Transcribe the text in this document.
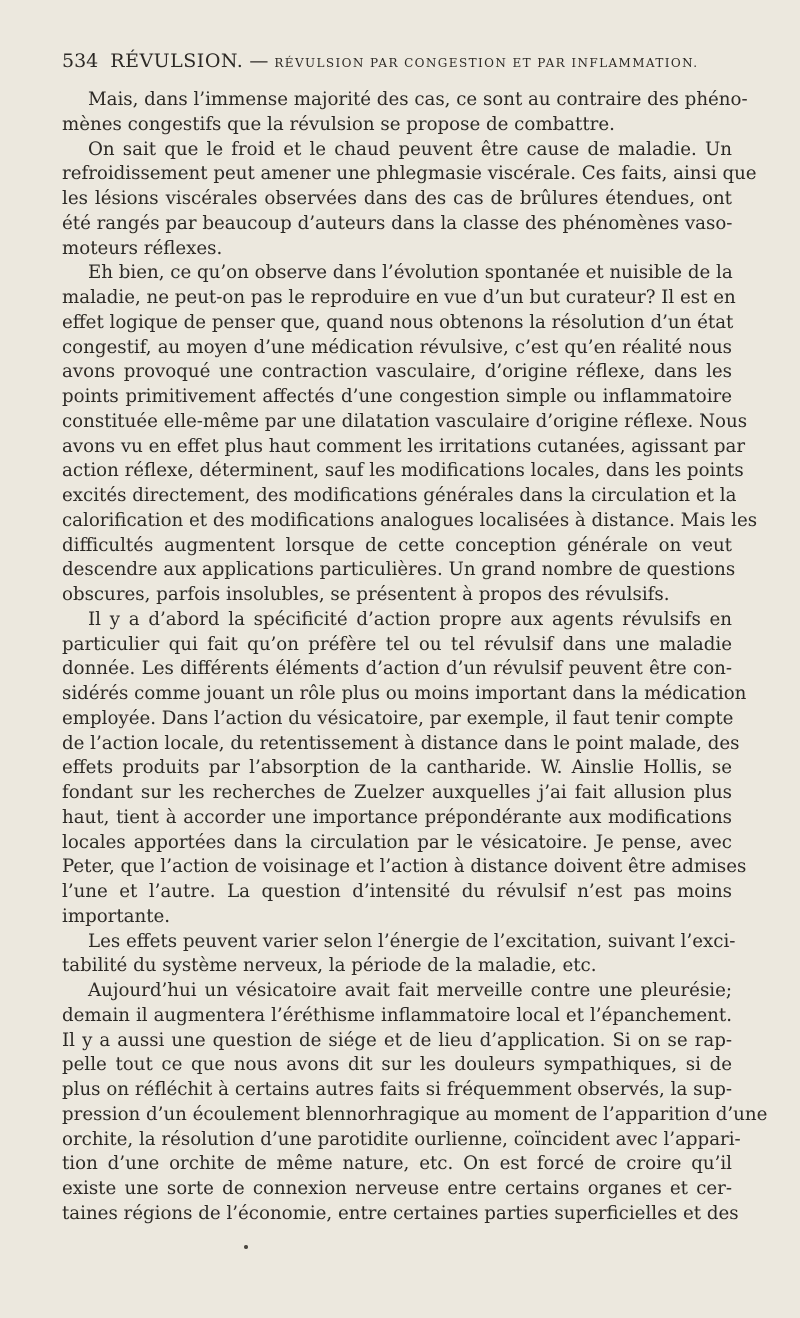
534 RÉVULSION. — RÉVULSION PAR CONGESTION ET PAR INFLAMMATION.

Mais, dans l’immense majorité des cas, ce sont au contraire des phéno-
mènes congestifs que la révulsion se propose de combattre.

On sait que le froid et le chaud peuvent être cause de maladie. Un
refroidissement peut amener une phlegmasie viscérale. Ces faits, ainsi que
les lésions viscérales observées dans des cas de brûlures étendues, ont
été rangés par beaucoup d’auteurs dans la classe des phénomènes vaso-
moteurs réflexes.

Eh bien, ce qu’on observe dans l’évolution spontanée et nuisible de la
maladie, ne peut-on pas le reproduire en vue d’un but curateur? Il est en
effet logique de penser que, quand nous obtenons la résolution d’un état
congestif, au moyen d’une médication révulsive, c’est qu’en réalité nous
avons provoqué une contraction vasculaire, d’origine réflexe, dans les
points primitivement affectés d’une congestion simple ou inflammatoire
constituée elle-même par une dilatation vasculaire d’origine réflexe. Nous
avons vu en effet plus haut comment les irritations cutanées, agissant par
action réflexe, déterminent, sauf les modifications locales, dans les points
excités directement, des modifications générales dans la circulation et la
calorification et des modifications analogues localisées à distance. Mais les
difficultés augmentent lorsque de cette conception générale on veut
descendre aux applications particulières. Un grand nombre de questions
obscures, parfois insolubles, se présentent à propos des révulsifs.

Il y a d’abord la spécificité d’action propre aux agents révulsifs en
particulier qui fait qu’on préfère tel ou tel révulsif dans une maladie
donnée. Les différents éléments d’action d’un révulsif peuvent être con-
sidérés comme jouant un rôle plus ou moins important dans la médication
employée. Dans l’action du vésicatoire, par exemple, il faut tenir compte
de l’action locale, du retentissement à distance dans le point malade, des
effets produits par l’absorption de la cantharide. W. Ainslie Hollis, se
fondant sur les recherches de Zuelzer auxquelles j’ai fait allusion plus
haut, tient à accorder une importance prépondérante aux modifications
locales apportées dans la circulation par le vésicatoire. Je pense, avec
Peter, que l’action de voisinage et l’action à distance doivent être admises
l’une et l’autre. La question d’intensité du révulsif n’est pas moins
importante.

Les effets peuvent varier selon l’énergie de l’excitation, suivant l’exci-
tabilité du système nerveux, la période de la maladie, etc.

Aujourd’hui un vésicatoire avait fait merveille contre une pleurésie;
demain il augmentera l’éréthisme inflammatoire local et l’épanchement.
Il y a aussi une question de siége et de lieu d’application. Si on se rap-
pelle tout ce que nous avons dit sur les douleurs sympathiques, si de
plus on réfléchit à certains autres faits si fréquemment observés, la sup-
pression d’un écoulement blennorhragique au moment de l’apparition d’une
orchite, la résolution d’une parotidite ourlienne, coïncident avec l’appari-
tion d’une orchite de même nature, etc. On est forcé de croire qu’il
existe une sorte de connexion nerveuse entre certains organes et cer-
taines régions de l’économie, entre certaines parties superficielles et des
